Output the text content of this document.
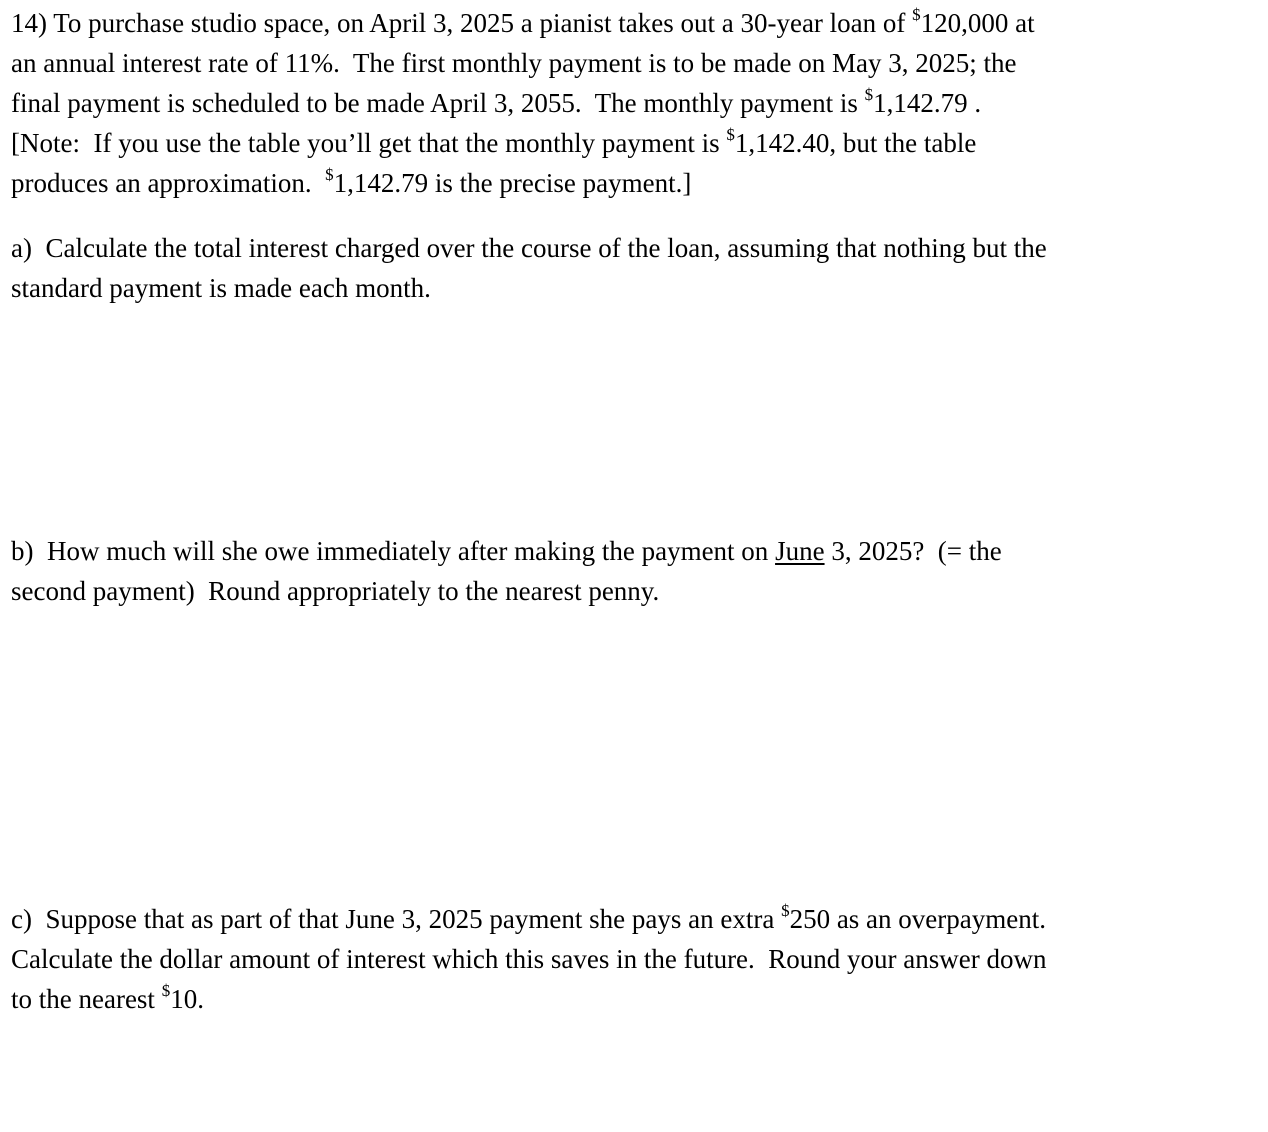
14) To purchase studio space, on April 3, 2025 a pianist takes out a 30-year loan of $120,000 at
an annual interest rate of 11%.  The first monthly payment is to be made on May 3, 2025; the
final payment is scheduled to be made April 3, 2055.  The monthly payment is $1,142.79 .
[Note:  If you use the table you’ll get that the monthly payment is $1,142.40, but the table
produces an approximation.  $1,142.79 is the precise payment.]
a)  Calculate the total interest charged over the course of the loan, assuming that nothing but the
standard payment is made each month.
b)  How much will she owe immediately after making the payment on June 3, 2025?  (= the
second payment)  Round appropriately to the nearest penny.
c)  Suppose that as part of that June 3, 2025 payment she pays an extra $250 as an overpayment.
Calculate the dollar amount of interest which this saves in the future.  Round your answer down
to the nearest $10.
